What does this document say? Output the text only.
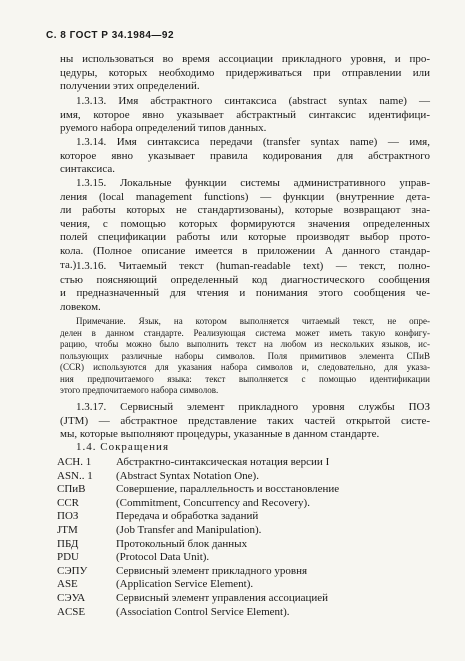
С. 8 ГОСТ Р 34.1984—92
ны использоваться во время ассоциации прикладного уровня, и про-
цедуры, которых необходимо придерживаться при отправлении или
получении этих определений.
1.3.13. Имя абстрактного синтаксиса (abstract syntax name) —
имя, которое явно указывает абстрактный синтаксис идентифици-
руемого набора определений типов данных.
1.3.14. Имя синтаксиса передачи (transfer syntax name) — имя,
которое явно указывает правила кодирования для абстрактного
синтаксиса.
1.3.15. Локальные функции системы административного управ-
ления (local management functions) — функции (внутренние дета-
ли работы которых не стандартизованы), которые возвращают зна-
чения, с помощью которых формируются значения определенных
полей спецификации работы или которые производят выбор прото-
кола. (Полное описание имеется в приложении А данного стандар-
та.) 1.3.16. Читаемый текст (human-readable text) — текст, полно-
стью поясняющий определенный код диагностического сообщения
и предназначенный для чтения и понимания этого сообщения че-
ловеком.
Примечание. Язык, на котором выполняется читаемый текст, не опре-
делен в данном стандарте. Реализующая система может иметь такую конфигу-
рацию, чтобы можно было выполнить текст на любом из нескольких языков, ис-
пользующих различные наборы символов. Поля примитивов элемента СПиВ
(CCR) используются для указания набора символов и, следовательно, для указа-
ния предпочитаемого языка: текст выполняется с помощью идентификации
этого предпочитаемого набора символов.
1.3.17. Сервисный элемент прикладного уровня службы ПОЗ
(JTM) — абстрактное представление таких частей открытой систе-
мы, которые выполняют процедуры, указанные в данном стандарте.
1.4. Сокращения
ACH. 1	Абстрактно-синтаксическая нотация версии I
ASN.. 1	(Abstract Syntax Notation One).
СПиВ	Совершение, параллельность и восстановление
CCR	(Commitment, Concurrency and Recovery).
ПОЗ	Передача и обработка заданий
JTM	(Job Transfer and Manipulation).
ПБД	Протокольный блок данных
PDU	(Protocol Data Unit).
СЭПУ	Сервисный элемент прикладного уровня
ASE	(Application Service Element).
СЭУА	Сервисный элемент управления ассоциацией
ACSE	(Association Control Service Element).
